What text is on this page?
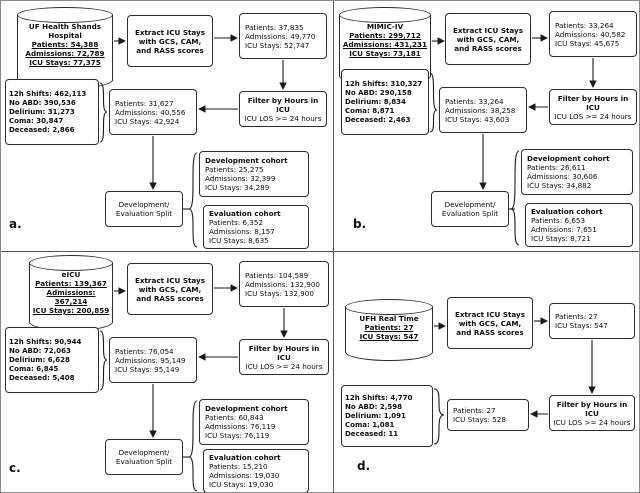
UF Health Shands Hospital
Patients: 54,388
Admissions: 72,789
ICU Stays: 77,375
Extract ICU Stays with GCS, CAM, and RASS scores
Patients: 37,835
Admissions: 49,770
ICU Stays: 52,747
Filter by Hours in ICU
ICU LOS >= 24 hours
Patients: 31,627
Admissions: 40,556
ICU Stays: 42,924
12h Shifts: 462,113
No ABD: 390,536
Delirium: 31,273
Coma: 30,847
Deceased: 2,866
Development/ Evaluation Split
Development cohort
Patients: 25,275
Admissions: 32,399
ICU Stays: 34,289
Evaluation cohort
Patients: 6,352
Admissions: 8,157
ICU Stays: 8,635
a.
MIMIC-IV
Patients: 299,712
Admissions: 431,231
ICU Stays: 73,181
Extract ICU Stays with GCS, CAM, and RASS scores
Patients: 33,264
Admissions: 40,582
ICU Stays: 45,675
Filter by Hours in ICU
ICU LOS >= 24 hours
Patients: 33,264
Admissions: 38,258
ICU Stays: 43,603
12h Shifts: 310,327
No ABD: 290,158
Delirium: 8,834
Coma: 8,871
Deceased: 2,463
Development/ Evaluation Split
Development cohort
Patients: 26,611
Admissions: 30,606
ICU Stays: 34,882
Evaluation cohort
Patients: 6,653
Admissions: 7,651
ICU Stays: 8,721
b.
eICU
Patients: 139,367
Admissions: 367,214
ICU Stays: 200,859
Extract ICU Stays with GCS, CAM, and RASS scores
Patients: 104,589
Admissions: 132,900
ICU Stays: 132,900
Filter by Hours in ICU
ICU LOS >= 24 hours
Patients: 76,054
Admissions: 95,149
ICU Stays: 95,149
12h Shifts: 90,944
No ABD: 72,063
Delirium: 6,628
Coma: 6,845
Deceased: 5,408
Development/ Evaluation Split
Development cohort
Patients: 60,843
Admissions: 76,119
ICU Stays: 76,119
Evaluation cohort
Patients: 15,210
Admissions: 19,030
ICU Stays: 19,030
c.
UFH Real Time
Patients: 27
ICU Stays: 547
Extract ICU Stays with GCS, CAM, and RASS scores
Patients: 27
ICU Stays: 547
Filter by Hours in ICU
ICU LOS >= 24 hours
Patients: 27
ICU Stays: 528
12h Shifts: 4,770
No ABD: 2,598
Delirium: 1,091
Coma: 1,081
Deceased: 11
d.
